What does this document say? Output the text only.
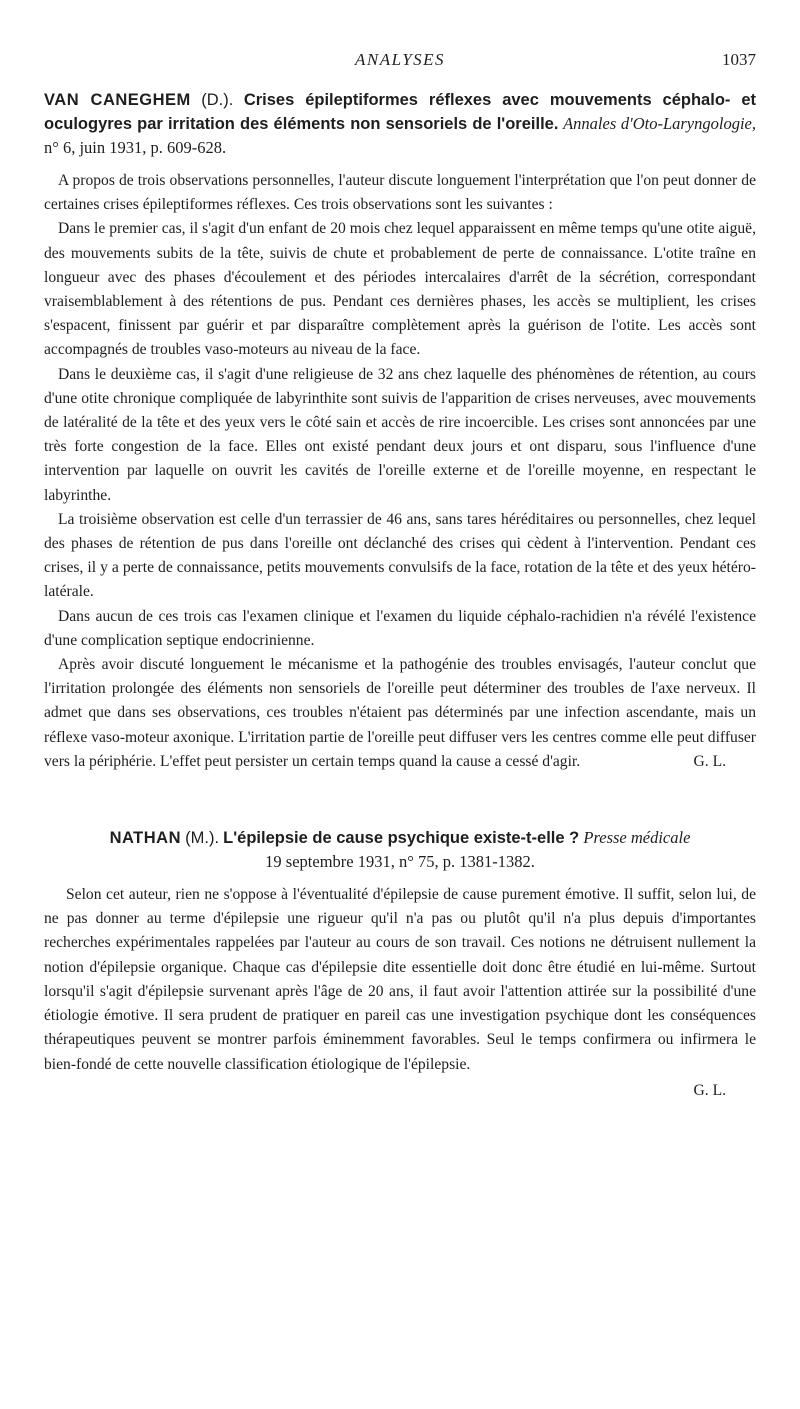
ANALYSES	1037
VAN CANEGHEM (D.). Crises épileptiformes réflexes avec mouvements céphalo- et oculogyres par irritation des éléments non sensoriels de l'oreille. Annales d'Oto-Laryngologie, n° 6, juin 1931, p. 609-628.

A propos de trois observations personnelles, l'auteur discute longuement l'interprétation que l'on peut donner de certaines crises épileptiformes réflexes. Ces trois observations sont les suivantes :

Dans le premier cas, il s'agit d'un enfant de 20 mois chez lequel apparaissent en même temps qu'une otite aiguë, des mouvements subits de la tête, suivis de chute et probablement de perte de connaissance. L'otite traîne en longueur avec des phases d'écoulement et des périodes intercalaires d'arrêt de la sécrétion, correspondant vraisemblablement à des rétentions de pus. Pendant ces dernières phases, les accès se multiplient, les crises s'espacent, finissent par guérir et par disparaître complètement après la guérison de l'otite. Les accès sont accompagnés de troubles vaso-moteurs au niveau de la face.

Dans le deuxième cas, il s'agit d'une religieuse de 32 ans chez laquelle des phénomènes de rétention, au cours d'une otite chronique compliquée de labyrinthite sont suivis de l'apparition de crises nerveuses, avec mouvements de latéralité de la tête et des yeux vers le côté sain et accès de rire incoercible. Les crises sont annoncées par une très forte congestion de la face. Elles ont existé pendant deux jours et ont disparu, sous l'influence d'une intervention par laquelle on ouvrit les cavités de l'oreille externe et de l'oreille moyenne, en respectant le labyrinthe.

La troisième observation est celle d'un terrassier de 46 ans, sans tares héréditaires ou personnelles, chez lequel des phases de rétention de pus dans l'oreille ont déclanché des crises qui cèdent à l'intervention. Pendant ces crises, il y a perte de connaissance, petits mouvements convulsifs de la face, rotation de la tête et des yeux hétéro-latérale.

Dans aucun de ces trois cas l'examen clinique et l'examen du liquide céphalo-rachidien n'a révélé l'existence d'une complication septique endocrinienne.

Après avoir discuté longuement le mécanisme et la pathogénie des troubles envisagés, l'auteur conclut que l'irritation prolongée des éléments non sensoriels de l'oreille peut déterminer des troubles de l'axe nerveux. Il admet que dans ses observations, ces troubles n'étaient pas déterminés par une infection ascendante, mais un réflexe vaso-moteur axonique. L'irritation partie de l'oreille peut diffuser vers les centres comme elle peut diffuser vers la périphérie. L'effet peut persister un certain temps quand la cause a cessé d'agir.	G. L.
NATHAN (M.). L'épilepsie de cause psychique existe-t-elle ? Presse médicale
19 septembre 1931, n° 75, p. 1381-1382.

Selon cet auteur, rien ne s'oppose à l'éventualité d'épilepsie de cause purement émotive. Il suffit, selon lui, de ne pas donner au terme d'épilepsie une rigueur qu'il n'a pas ou plutôt qu'il n'a plus depuis d'importantes recherches expérimentales rappelées par l'auteur au cours de son travail. Ces notions ne détruisent nullement la notion d'épilepsie organique. Chaque cas d'épilepsie dite essentielle doit donc être étudié en lui-même. Surtout lorsqu'il s'agit d'épilepsie survenant après l'âge de 20 ans, il faut avoir l'attention attirée sur la possibilité d'une étiologie émotive. Il sera prudent de pratiquer en pareil cas une investigation psychique dont les conséquences thérapeutiques peuvent se montrer parfois éminemment favorables. Seul le temps confirmera ou infirmera le bien-fondé de cette nouvelle classification étiologique de l'épilepsie.

G. L.
